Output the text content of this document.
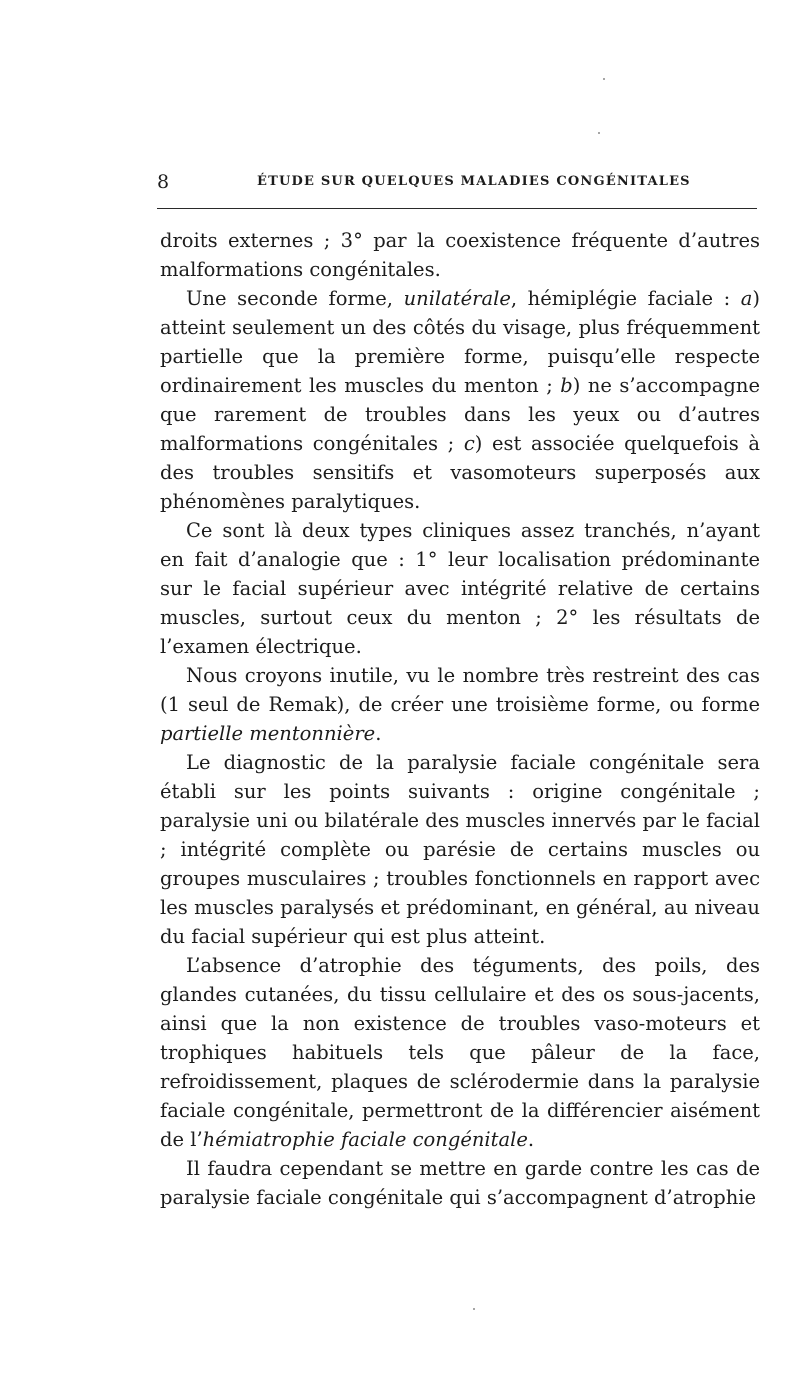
8	ÉTUDE SUR QUELQUES MALADIES CONGÉNITALES

droits externes ; 3° par la coexistence fréquente d’autres malformations congénitales.

Une seconde forme, unilatérale, hémiplégie faciale : a) atteint seulement un des côtés du visage, plus fréquemment partielle que la première forme, puisqu’elle respecte ordinairement les muscles du menton ; b) ne s’accompagne que rarement de troubles dans les yeux ou d’autres malformations congénitales ; c) est associée quelquefois à des troubles sensitifs et vasomoteurs superposés aux phénomènes paralytiques.

Ce sont là deux types cliniques assez tranchés, n’ayant en fait d’analogie que : 1° leur localisation prédominante sur le facial supérieur avec intégrité relative de certains muscles, surtout ceux du menton ; 2° les résultats de l’examen électrique.

Nous croyons inutile, vu le nombre très restreint des cas (1 seul de Remak), de créer une troisième forme, ou forme partielle mentonnière.

Le diagnostic de la paralysie faciale congénitale sera établi sur les points suivants : origine congénitale ; paralysie uni ou bilatérale des muscles innervés par le facial ; intégrité complète ou parésie de certains muscles ou groupes musculaires ; troubles fonctionnels en rapport avec les muscles paralysés et prédominant, en général, au niveau du facial supérieur qui est plus atteint.

L’absence d’atrophie des téguments, des poils, des glandes cutanées, du tissu cellulaire et des os sous-jacents, ainsi que la non existence de troubles vaso-moteurs et trophiques habituels tels que pâleur de la face, refroidissement, plaques de sclérodermie dans la paralysie faciale congénitale, permettront de la différencier aisément de l’hémiatrophie faciale congénitale.

Il faudra cependant se mettre en garde contre les cas de paralysie faciale congénitale qui s’accompagnent d’atrophie
